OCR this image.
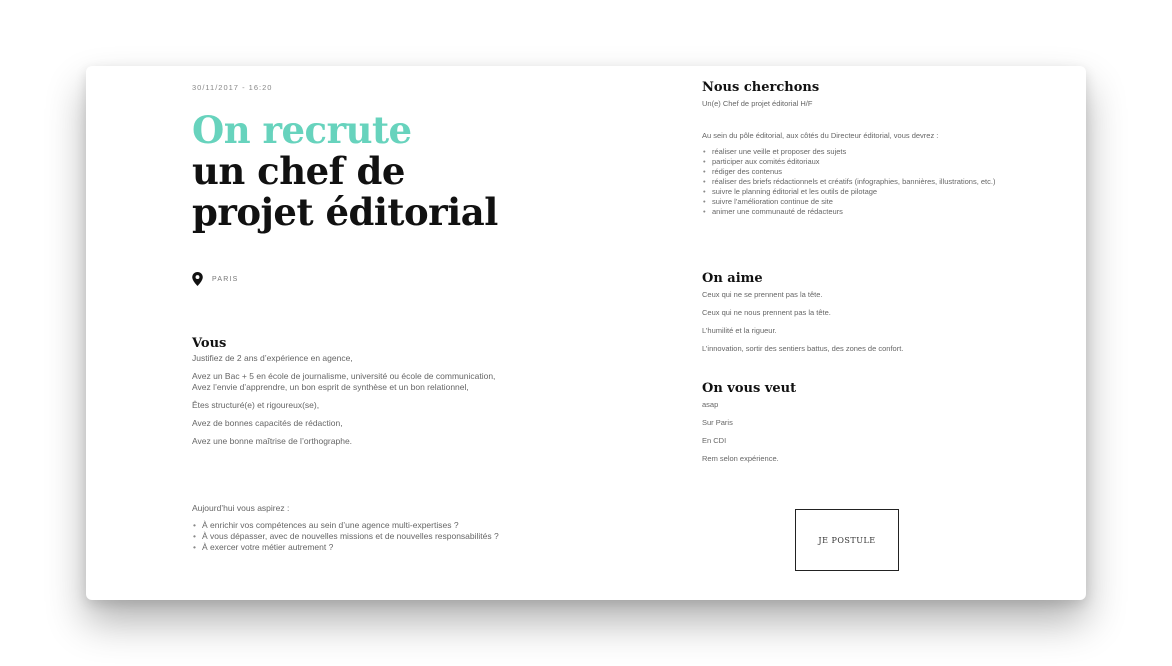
30/11/2017 - 16:20
On recrute
un chef de
projet éditorial
PARIS
Vous

Justifiez de 2 ans d’expérience en agence,

Avez un Bac + 5 en école de journalisme, université ou école de communication,
Avez l’envie d’apprendre, un bon esprit de synthèse et un bon relationnel,

Êtes structuré(e) et rigoureux(se),

Avez de bonnes capacités de rédaction,

Avez une bonne maîtrise de l’orthographe.

Aujourd’hui vous aspirez :

• À enrichir vos compétences au sein d’une agence multi-expertises ?
• À vous dépasser, avec de nouvelles missions et de nouvelles responsabilités ?
• À exercer votre métier autrement ?
Nous cherchons

Un(e) Chef de projet éditorial H/F

Au sein du pôle éditorial, aux côtés du Directeur éditorial, vous devrez :

• réaliser une veille et proposer des sujets
• participer aux comités éditoriaux
• rédiger des contenus
• réaliser des briefs rédactionnels et créatifs (infographies, bannières, illustrations, etc.)
• suivre le planning éditorial et les outils de pilotage
• suivre l’amélioration continue de site
• animer une communauté de rédacteurs
On aime

Ceux qui ne se prennent pas la tête.

Ceux qui ne nous prennent pas la tête.

L’humilité et la rigueur.

L’innovation, sortir des sentiers battus, des zones de confort.

On vous veut

asap

Sur Paris

En CDI

Rem selon expérience.

JE POSTULE
